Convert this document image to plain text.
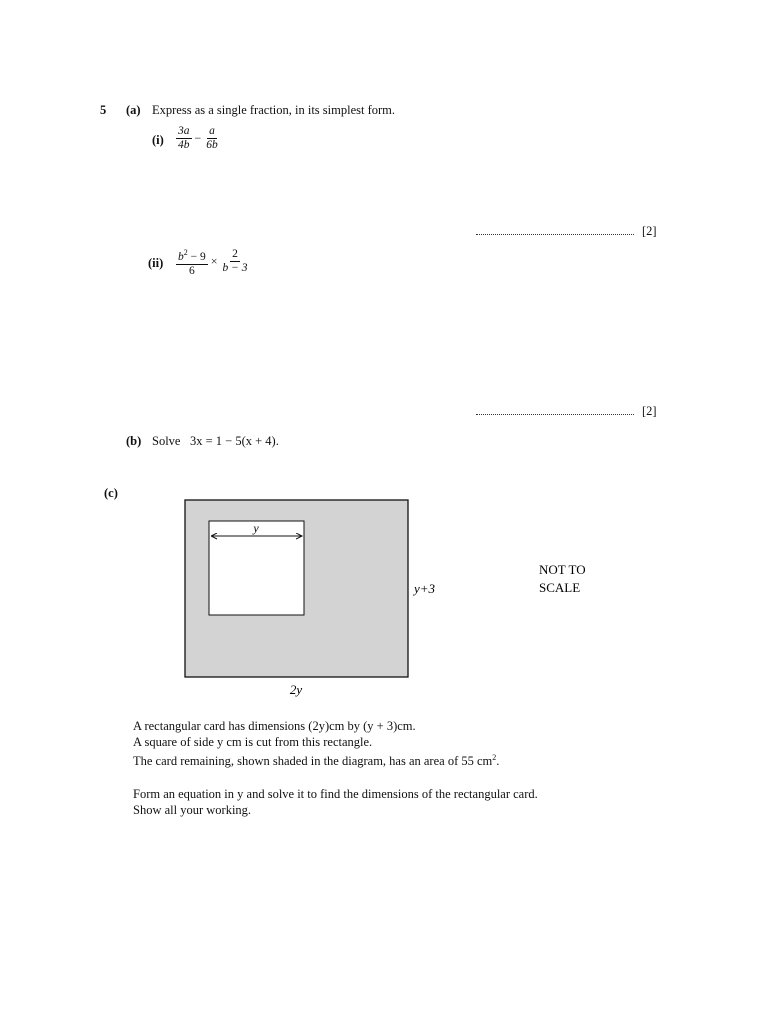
5 (a) Express as a single fraction, in its simplest form.
$(i) \frac{3a}{4b} - \frac{a}{6b}$
[2]
$(ii) \frac{b^2 - 9}{6} \times \frac{2}{b - 3}$
[2]
(b) Solve 3x = 1 − 5(x + 4).
(c)
y
y+3
2y
NOT TO
SCALE
A rectangular card has dimensions (2y)cm by (y + 3)cm.
A square of side y cm is cut from this rectangle.
The card remaining, shown shaded in the diagram, has an area of 55 $cm^2$.
Form an equation in y and solve it to find the dimensions of the rectangular card.
Show all your working.
